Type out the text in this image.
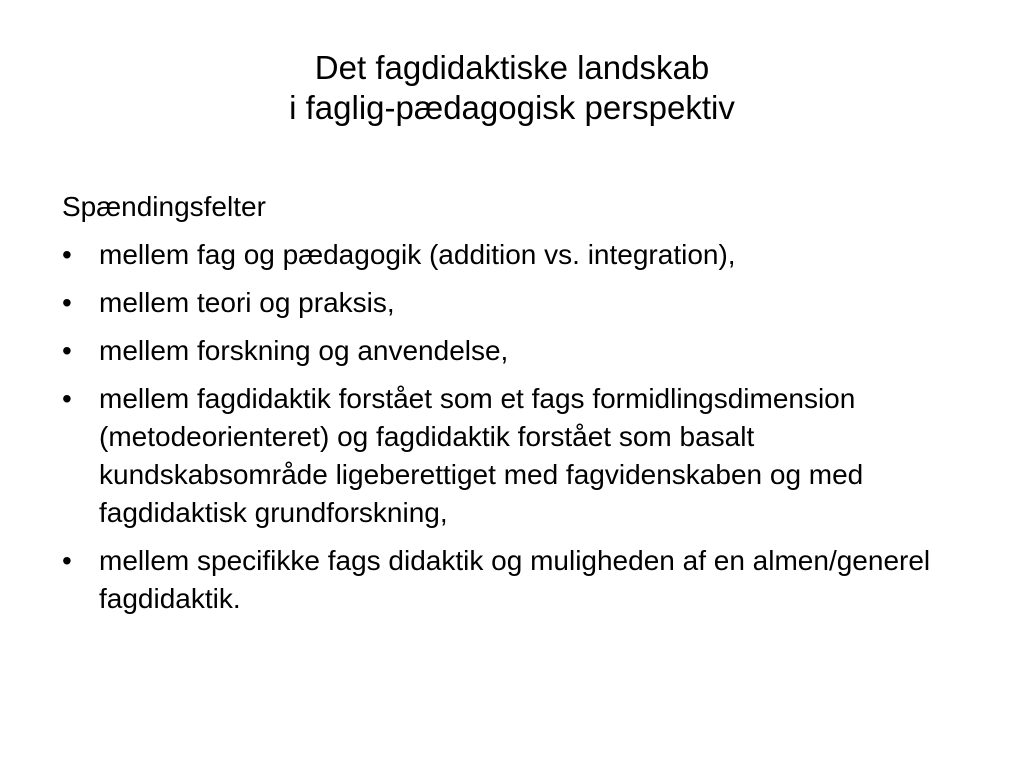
Det fagdidaktiske landskab
i faglig-pædagogisk perspektiv
Spændingsfelter
• mellem fag og pædagogik (addition vs. integration),
• mellem teori og praksis,
• mellem forskning og anvendelse,
• mellem fagdidaktik forstået som et fags formidlingsdimension (metodeorienteret) og fagdidaktik forstået som basalt kundskabsområde ligeberettiget med fagvidenskaben og med fagdidaktisk grundforskning,
• mellem specifikke fags didaktik og muligheden af en almen/generel fagdidaktik.
